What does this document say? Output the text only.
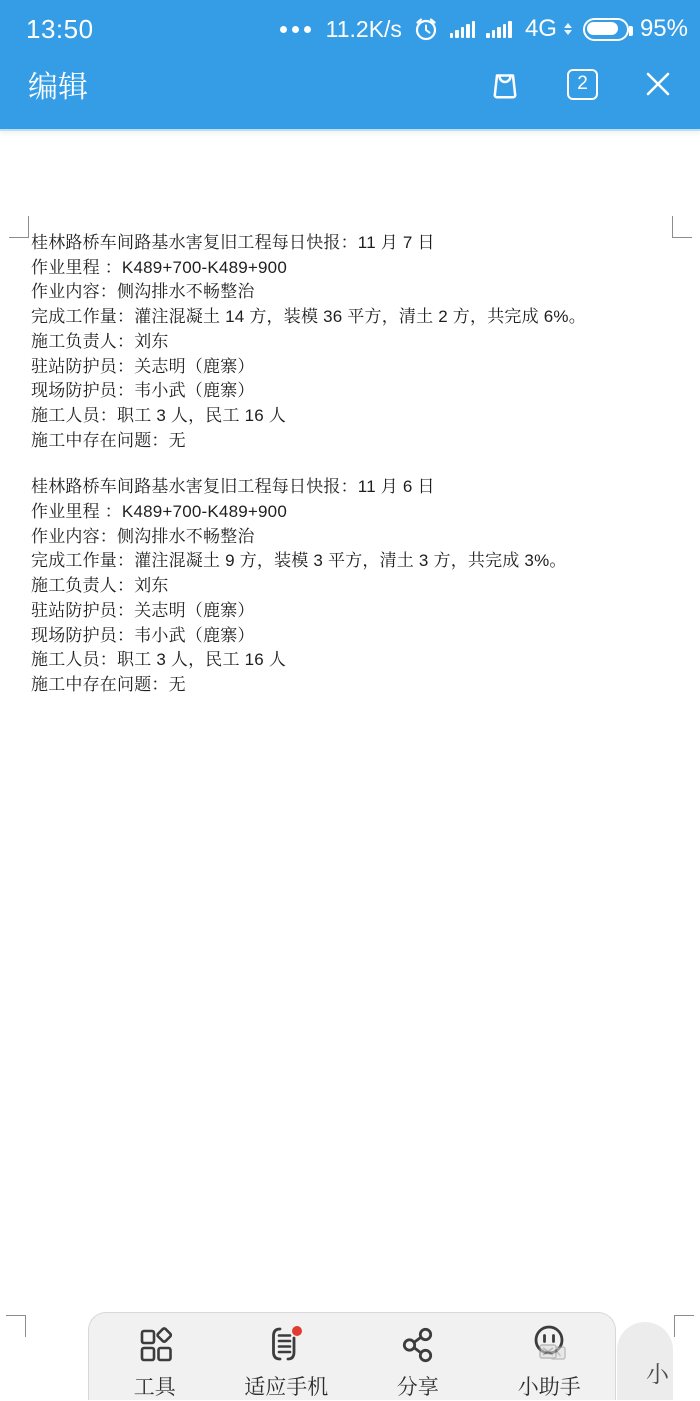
13:50	11.2K/s	4G	95%
编辑	2
桂林路桥车间路基水害复旧工程每日快报：11 月 7 日
作业里程 ：K489+700-K489+900
作业内容：侧沟排水不畅整治
完成工作量：灌注混凝土 14 方，装模 36 平方，清土 2 方，共完成 6%。
施工负责人：刘东
驻站防护员：关志明（鹿寨）
现场防护员：韦小武（鹿寨）
施工人员：职工 3 人，民工 16 人
施工中存在问题：无
桂林路桥车间路基水害复旧工程每日快报：11 月 6 日
作业里程 ：K489+700-K489+900
作业内容：侧沟排水不畅整治
完成工作量：灌注混凝土 9 方，装模 3 平方，清土 3 方，共完成 3%。
施工负责人：刘东
驻站防护员：关志明（鹿寨）
现场防护员：韦小武（鹿寨）
施工人员：职工 3 人，民工 16 人
施工中存在问题：无
小
工具	适应手机	分享	小助手
